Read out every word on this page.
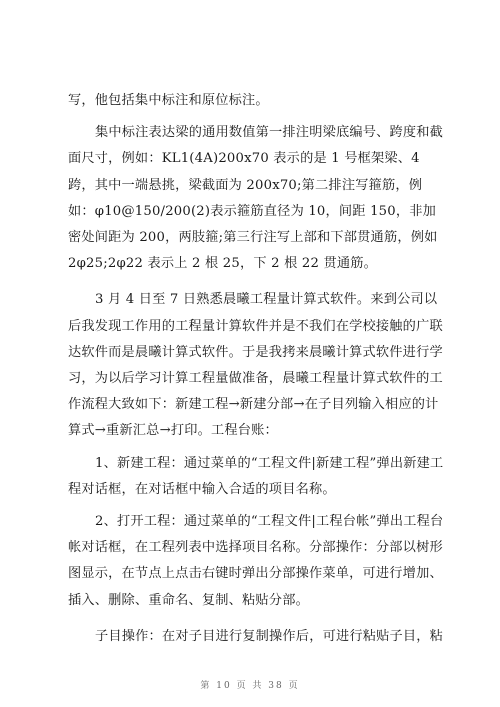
写，他包括集中标注和原位标注。

集中标注表达梁的通用数值第一排注明梁底编号、跨度和截面尺寸，例如：KL1(4A)200x70 表示的是 1 号框架梁、4 跨，其中一端悬挑，梁截面为 200x70;第二排注写箍筋，例如：φ10@150/200(2)表示箍筋直径为 10，间距 150，非加密处间距为 200，两肢箍;第三行注写上部和下部贯通筋，例如 2φ25;2φ22 表示上 2 根 25，下 2 根 22 贯通筋。

3 月 4 日至 7 日熟悉晨曦工程量计算式软件。来到公司以后我发现工作用的工程量计算软件并是不我们在学校接触的广联达软件而是晨曦计算式软件。于是我拷来晨曦计算式软件进行学习，为以后学习计算工程量做准备，晨曦工程量计算式软件的工作流程大致如下：新建工程→新建分部→在子目列输入相应的计算式→重新汇总→打印。工程台账：

1、新建工程：通过菜单的“工程文件|新建工程”弹出新建工程对话框，在对话框中输入合适的项目名称。

2、打开工程：通过菜单的“工程文件|工程台帐”弹出工程台帐对话框，在工程列表中选择项目名称。分部操作：分部以树形图显示，在节点上点击右键时弹出分部操作菜单，可进行增加、插入、删除、重命名、复制、粘贴分部。

子目操作：在对子目进行复制操作后，可进行粘贴子目，粘

第 10 页 共 38 页
